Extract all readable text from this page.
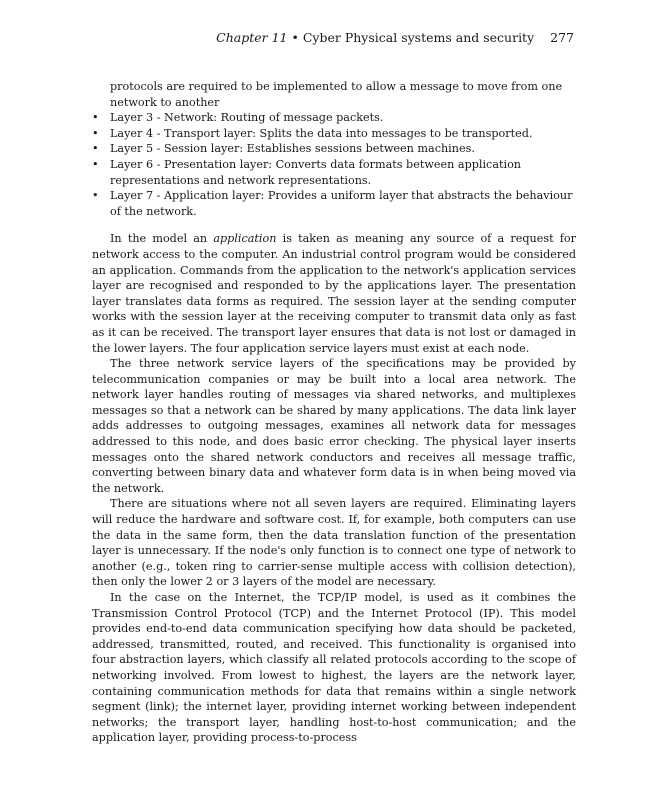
Chapter 11 • Cyber Physical systems and security 277

protocols are required to be implemented to allow a message to move from one network to another

• Layer 3 - Network: Routing of message packets.
• Layer 4 - Transport layer: Splits the data into messages to be transported.
• Layer 5 - Session layer: Establishes sessions between machines.
• Layer 6 - Presentation layer: Converts data formats between application representations and network representations.
• Layer 7 - Application layer: Provides a uniform layer that abstracts the behaviour of the network.

In the model an application is taken as meaning any source of a request for network access to the computer. An industrial control program would be considered an application. Commands from the application to the network's application services layer are recognised and responded to by the applications layer. The presentation layer translates data forms as required. The session layer at the sending computer works with the session layer at the receiving computer to transmit data only as fast as it can be received. The transport layer ensures that data is not lost or damaged in the lower layers. The four application service layers must exist at each node.

The three network service layers of the specifications may be provided by telecommunication companies or may be built into a local area network. The network layer handles routing of messages via shared networks, and multiplexes messages so that a network can be shared by many applications. The data link layer adds addresses to outgoing messages, examines all network data for messages addressed to this node, and does basic error checking. The physical layer inserts messages onto the shared network conductors and receives all message traffic, converting between binary data and whatever form data is in when being moved via the network.

There are situations where not all seven layers are required. Eliminating layers will reduce the hardware and software cost. If, for example, both computers can use the data in the same form, then the data translation function of the presentation layer is unnecessary. If the node's only function is to connect one type of network to another (e.g., token ring to carrier-sense multiple access with collision detection), then only the lower 2 or 3 layers of the model are necessary.

In the case on the Internet, the TCP/IP model, is used as it combines the Transmission Control Protocol (TCP) and the Internet Protocol (IP). This model provides end-to-end data communication specifying how data should be packeted, addressed, transmitted, routed, and received. This functionality is organised into four abstraction layers, which classify all related protocols according to the scope of networking involved. From lowest to highest, the layers are the network layer, containing communication methods for data that remains within a single network segment (link); the internet layer, providing internet working between independent networks; the transport layer, handling host-to-host communication; and the application layer, providing process-to-process
